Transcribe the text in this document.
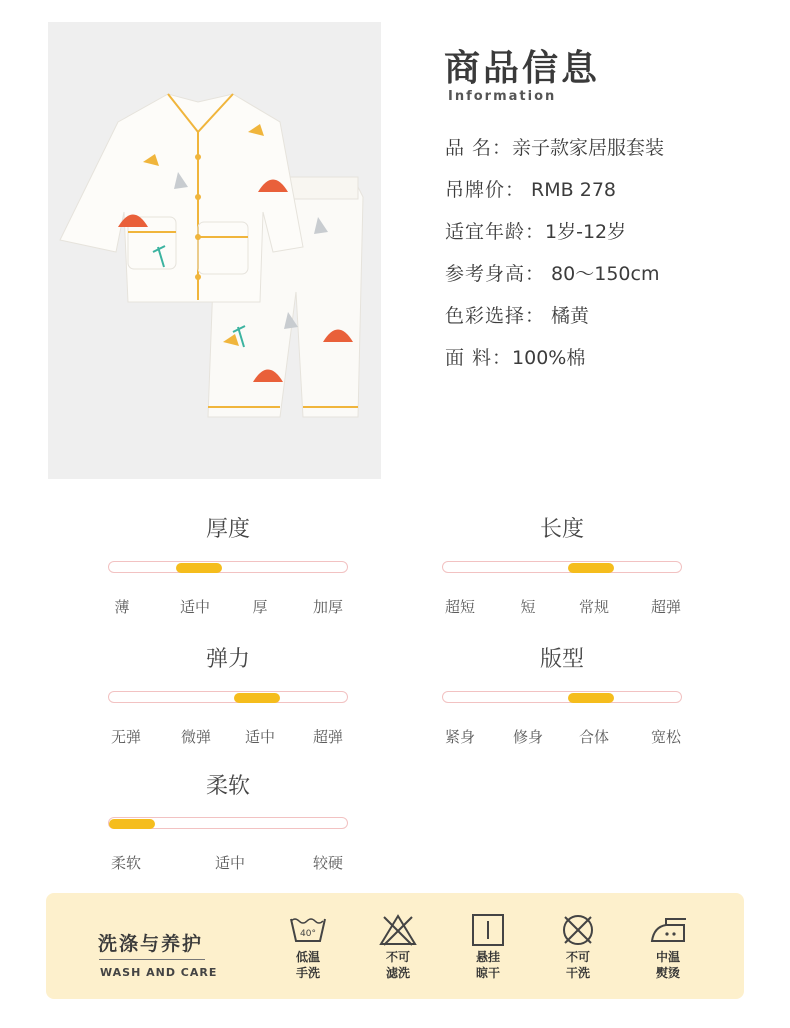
商品信息
Information
品 名：亲子款家居服套装
吊牌价： RMB 278
适宜年龄：1岁-12岁
参考身高： 80～150cm
色彩选择： 橘黄
面 料：100%棉
厚度
薄	适中	厚	加厚
长度
超短	短	常规	超弹
弹力
无弹	微弹 适中	超弹
版型
紧身	修身 合体	宽松
柔软
柔软	适中	较硬
洗涤与养护
WASH AND CARE
40°
低温
手洗
不可
滤洗
悬挂
晾干
不可
干洗
中温
熨烫
